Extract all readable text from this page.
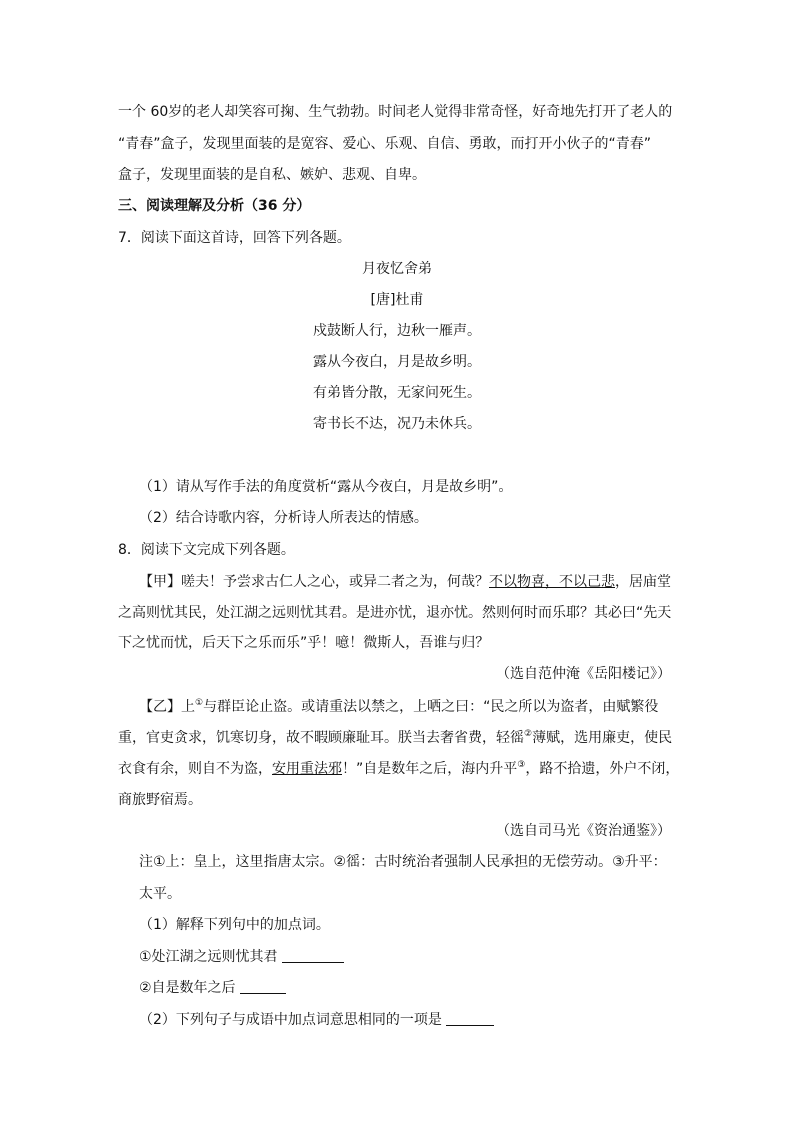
一个 60岁的老人却笑容可掬、生气勃勃。时间老人觉得非常奇怪，好奇地先打开了老人的
“青春”盒子，发现里面装的是宽容、爱心、乐观、自信、勇敢，而打开小伙子的“青春”
盒子，发现里面装的是自私、嫉妒、悲观、自卑。
三、阅读理解及分析（36 分）
7．阅读下面这首诗，回答下列各题。
月夜忆舍弟
[唐]杜甫
戍鼓断人行，边秋一雁声。
露从今夜白，月是故乡明。
有弟皆分散，无家问死生。
寄书长不达，况乃未休兵。
（1）请从写作手法的角度赏析“露从今夜白，月是故乡明”。
（2）结合诗歌内容，分析诗人所表达的情感。
8．阅读下文完成下列各题。
【甲】嗟夫！予尝求古仁人之心，或异二者之为，何哉？不以物喜，不以己悲，居庙堂
之高则忧其民，处江湖之远则忧其君。是进亦忧，退亦忧。然则何时而乐耶？其必曰“先天
下之忧而忧，后天下之乐而乐”乎！噫！微斯人，吾谁与归？
（选自范仲淹《岳阳楼记》）
【乙】上①与群臣论止盗。或请重法以禁之，上哂之曰：“民之所以为盗者，由赋繁役
重，官吏贪求，饥寒切身，故不暇顾廉耻耳。朕当去奢省费，轻徭②薄赋，选用廉吏，使民
衣食有余，则自不为盗，安用重法邪！”自是数年之后，海内升平③，路不拾遗，外户不闭，
商旅野宿焉。
（选自司马光《资治通鉴》）
注①上：皇上，这里指唐太宗。②徭：古时统治者强制人民承担的无偿劳动。③升平：
太平。
（1）解释下列句中的加点词。
①处江湖之远则忧其君
②自是数年之后
（2）下列句子与成语中加点词意思相同的一项是
